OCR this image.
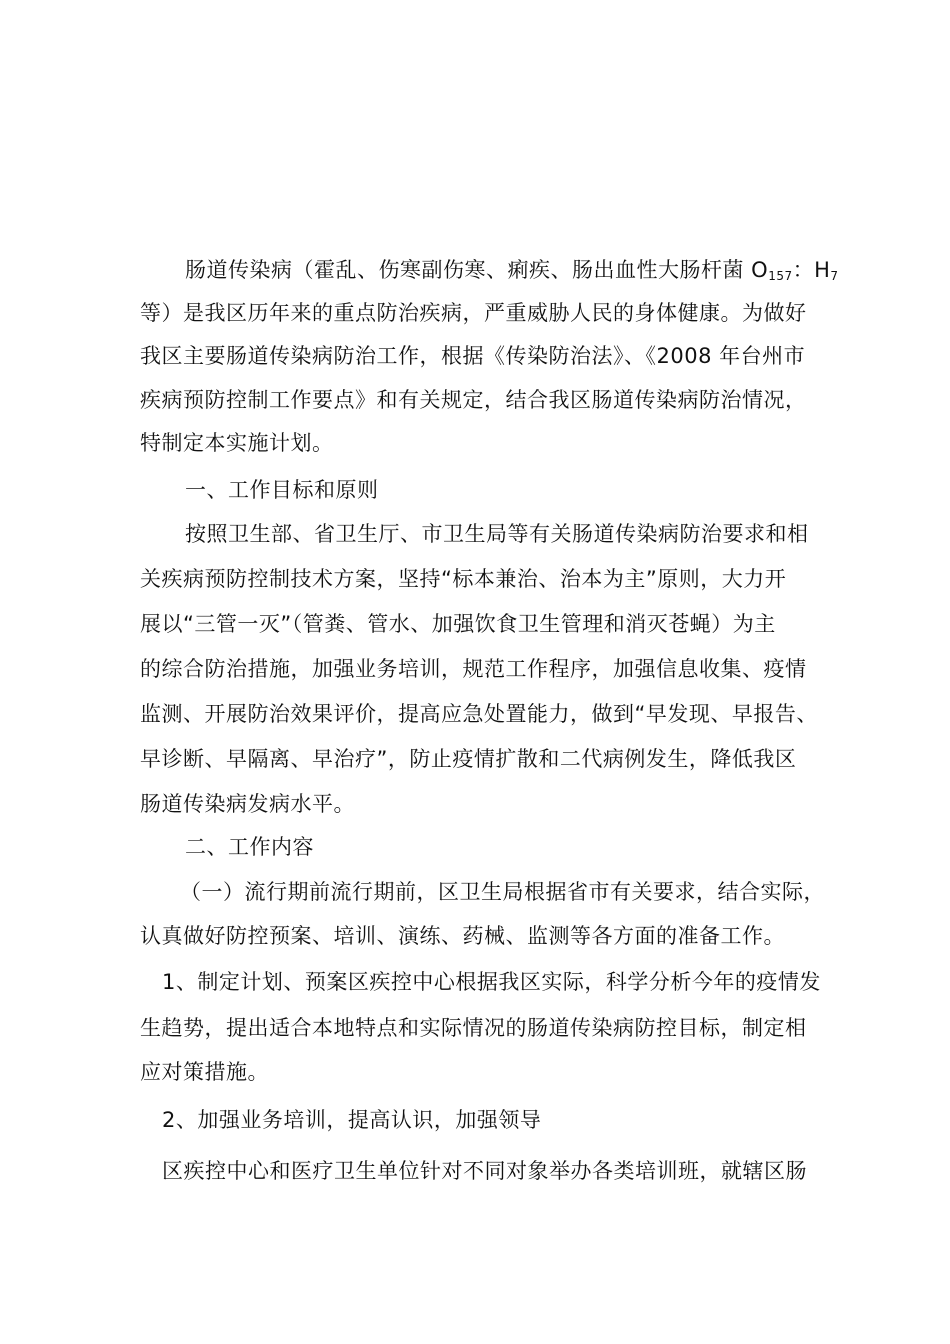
肠道传染病（霍乱、伤寒副伤寒、痢疾、肠出血性大肠杆菌 $O_{157}$：$H_7$
等）是我区历年来的重点防治疾病，严重威胁人民的身体健康。为做好
我区主要肠道传染病防治工作，根据《传染防治法》、《2008 年台州市
疾病预防控制工作要点》和有关规定，结合我区肠道传染病防治情况，
特制定本实施计划。
一、工作目标和原则
按照卫生部、省卫生厅、市卫生局等有关肠道传染病防治要求和相
关疾病预防控制技术方案，坚持“标本兼治、治本为主”原则，大力开
展以“三管一灭”（管粪、管水、加强饮食卫生管理和消灭苍蝇）为主
的综合防治措施，加强业务培训，规范工作程序，加强信息收集、疫情
监测、开展防治效果评价，提高应急处置能力，做到“早发现、早报告、
早诊断、早隔离、早治疗”，防止疫情扩散和二代病例发生，降低我区
肠道传染病发病水平。
二、工作内容
（一）流行期前流行期前，区卫生局根据省市有关要求，结合实际，
认真做好防控预案、培训、演练、药械、监测等各方面的准备工作。
1、制定计划、预案区疾控中心根据我区实际，科学分析今年的疫情发
生趋势，提出适合本地特点和实际情况的肠道传染病防控目标，制定相
应对策措施。
2、加强业务培训，提高认识，加强领导
区疾控中心和医疗卫生单位针对不同对象举办各类培训班，就辖区肠
